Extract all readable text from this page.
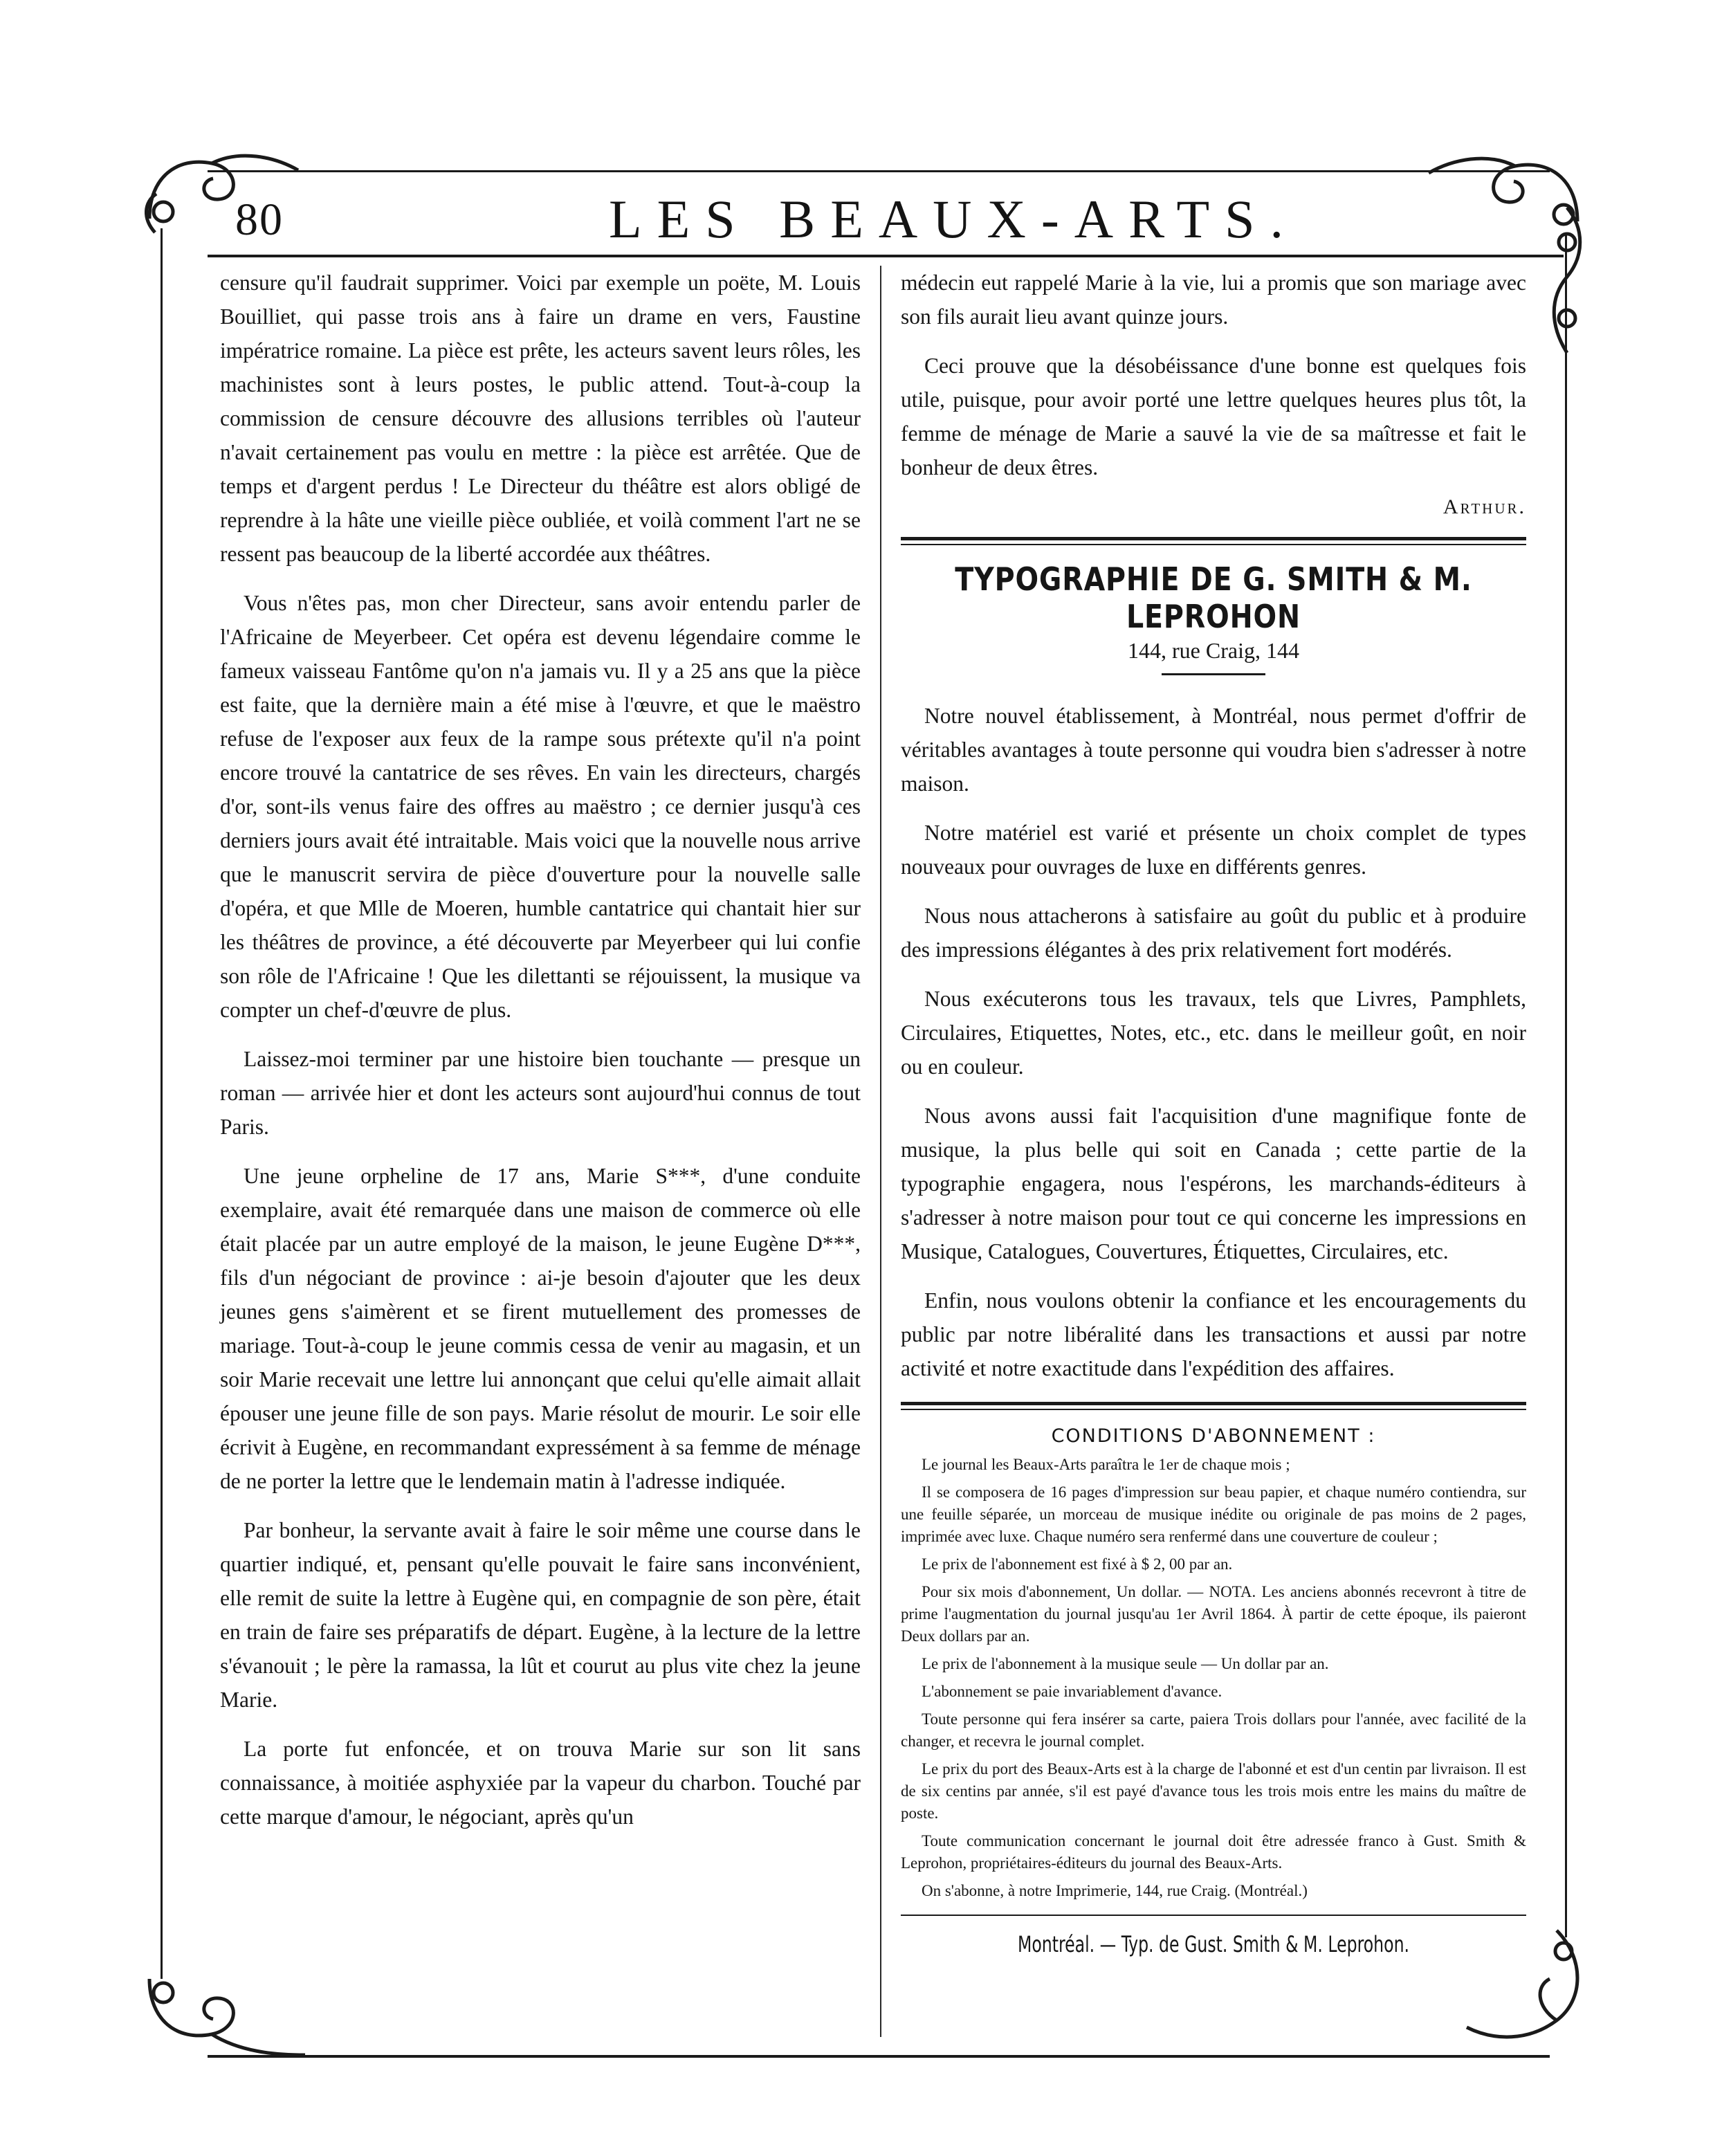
80	LES BEAUX-ARTS.

censure qu'il faudrait supprimer. Voici par exemple un poëte, M. Louis Bouilliet, qui passe trois ans à faire un drame en vers, Faustine impératrice romaine. La pièce est prête, les acteurs savent leurs rôles, les machinistes sont à leurs postes, le public attend. Tout-à-coup la commission de censure découvre des allusions terribles où l'auteur n'avait certainement pas voulu en mettre : la pièce est arrêtée. Que de temps et d'argent perdus ! Le Directeur du théâtre est alors obligé de reprendre à la hâte une vieille pièce oubliée, et voilà comment l'art ne se ressent pas beaucoup de la liberté accordée aux théâtres.

Vous n'êtes pas, mon cher Directeur, sans avoir entendu parler de l'Africaine de Meyerbeer. Cet opéra est devenu légendaire comme le fameux vaisseau Fantôme qu'on n'a jamais vu. Il y a 25 ans que la pièce est faite, que la dernière main a été mise à l'œuvre, et que le maëstro refuse de l'exposer aux feux de la rampe sous prétexte qu'il n'a point encore trouvé la cantatrice de ses rêves. En vain les directeurs, chargés d'or, sont-ils venus faire des offres au maëstro ; ce dernier jusqu'à ces derniers jours avait été intraitable. Mais voici que la nouvelle nous arrive que le manuscrit servira de pièce d'ouverture pour la nouvelle salle d'opéra, et que Mlle de Moeren, humble cantatrice qui chantait hier sur les théâtres de province, a été découverte par Meyerbeer qui lui confie son rôle de l'Africaine ! Que les dilettanti se réjouissent, la musique va compter un chef-d'œuvre de plus.

Laissez-moi terminer par une histoire bien touchante — presque un roman — arrivée hier et dont les acteurs sont aujourd'hui connus de tout Paris.

Une jeune orpheline de 17 ans, Marie S***, d'une conduite exemplaire, avait été remarquée dans une maison de commerce où elle était placée par un autre employé de la maison, le jeune Eugène D***, fils d'un négociant de province : ai-je besoin d'ajouter que les deux jeunes gens s'aimèrent et se firent mutuellement des promesses de mariage. Tout-à-coup le jeune commis cessa de venir au magasin, et un soir Marie recevait une lettre lui annonçant que celui qu'elle aimait allait épouser une jeune fille de son pays. Marie résolut de mourir. Le soir elle écrivit à Eugène, en recommandant expressément à sa femme de ménage de ne porter la lettre que le lendemain matin à l'adresse indiquée.

Par bonheur, la servante avait à faire le soir même une course dans le quartier indiqué, et, pensant qu'elle pouvait le faire sans inconvénient, elle remit de suite la lettre à Eugène qui, en compagnie de son père, était en train de faire ses préparatifs de départ. Eugène, à la lecture de la lettre s'évanouit ; le père la ramassa, la lût et courut au plus vite chez la jeune Marie.

La porte fut enfoncée, et on trouva Marie sur son lit sans connaissance, à moitiée asphyxiée par la vapeur du charbon. Touché par cette marque d'amour, le négociant, après qu'un

médecin eut rappelé Marie à la vie, lui a promis que son mariage avec son fils aurait lieu avant quinze jours.

Ceci prouve que la désobéissance d'une bonne est quelques fois utile, puisque, pour avoir porté une lettre quelques heures plus tôt, la femme de ménage de Marie a sauvé la vie de sa maîtresse et fait le bonheur de deux êtres.

Arthur.
TYPOGRAPHIE DE G. SMITH & M. LEPROHON
144, rue Craig, 144

Notre nouvel établissement, à Montréal, nous permet d'offrir de véritables avantages à toute personne qui voudra bien s'adresser à notre maison.

Notre matériel est varié et présente un choix complet de types nouveaux pour ouvrages de luxe en différents genres.

Nous nous attacherons à satisfaire au goût du public et à produire des impressions élégantes à des prix relativement fort modérés.

Nous exécuterons tous les travaux, tels que Livres, Pamphlets, Circulaires, Etiquettes, Notes, etc., etc. dans le meilleur goût, en noir ou en couleur.

Nous avons aussi fait l'acquisition d'une magnifique fonte de musique, la plus belle qui soit en Canada ; cette partie de la typographie engagera, nous l'espérons, les marchands-éditeurs à s'adresser à notre maison pour tout ce qui concerne les impressions en Musique, Catalogues, Couvertures, Étiquettes, Circulaires, etc.

Enfin, nous voulons obtenir la confiance et les encouragements du public par notre libéralité dans les transactions et aussi par notre activité et notre exactitude dans l'expédition des affaires.

CONDITIONS D'ABONNEMENT :

Le journal les Beaux-Arts paraîtra le 1er de chaque mois ;

Il se composera de 16 pages d'impression sur beau papier, et chaque numéro contiendra, sur une feuille séparée, un morceau de musique inédite ou originale de pas moins de 2 pages, imprimée avec luxe. Chaque numéro sera renfermé dans une couverture de couleur ;

Le prix de l'abonnement est fixé à $ 2, 00 par an.

Pour six mois d'abonnement, Un dollar. — NOTA. Les anciens abonnés recevront à titre de prime l'augmentation du journal jusqu'au 1er Avril 1864. À partir de cette époque, ils paieront Deux dollars par an.

Le prix de l'abonnement à la musique seule — Un dollar par an.

L'abonnement se paie invariablement d'avance.

Toute personne qui fera insérer sa carte, paiera Trois dollars pour l'année, avec facilité de la changer, et recevra le journal complet.

Le prix du port des Beaux-Arts est à la charge de l'abonné et est d'un centin par livraison. Il est de six centins par année, s'il est payé d'avance tous les trois mois entre les mains du maître de poste.

Toute communication concernant le journal doit être adressée franco à Gust. Smith & Leprohon, propriétaires-éditeurs du journal des Beaux-Arts.

On s'abonne, à notre Imprimerie, 144, rue Craig. (Montréal.)

Montréal. — Typ. de Gust. Smith & M. Leprohon.
